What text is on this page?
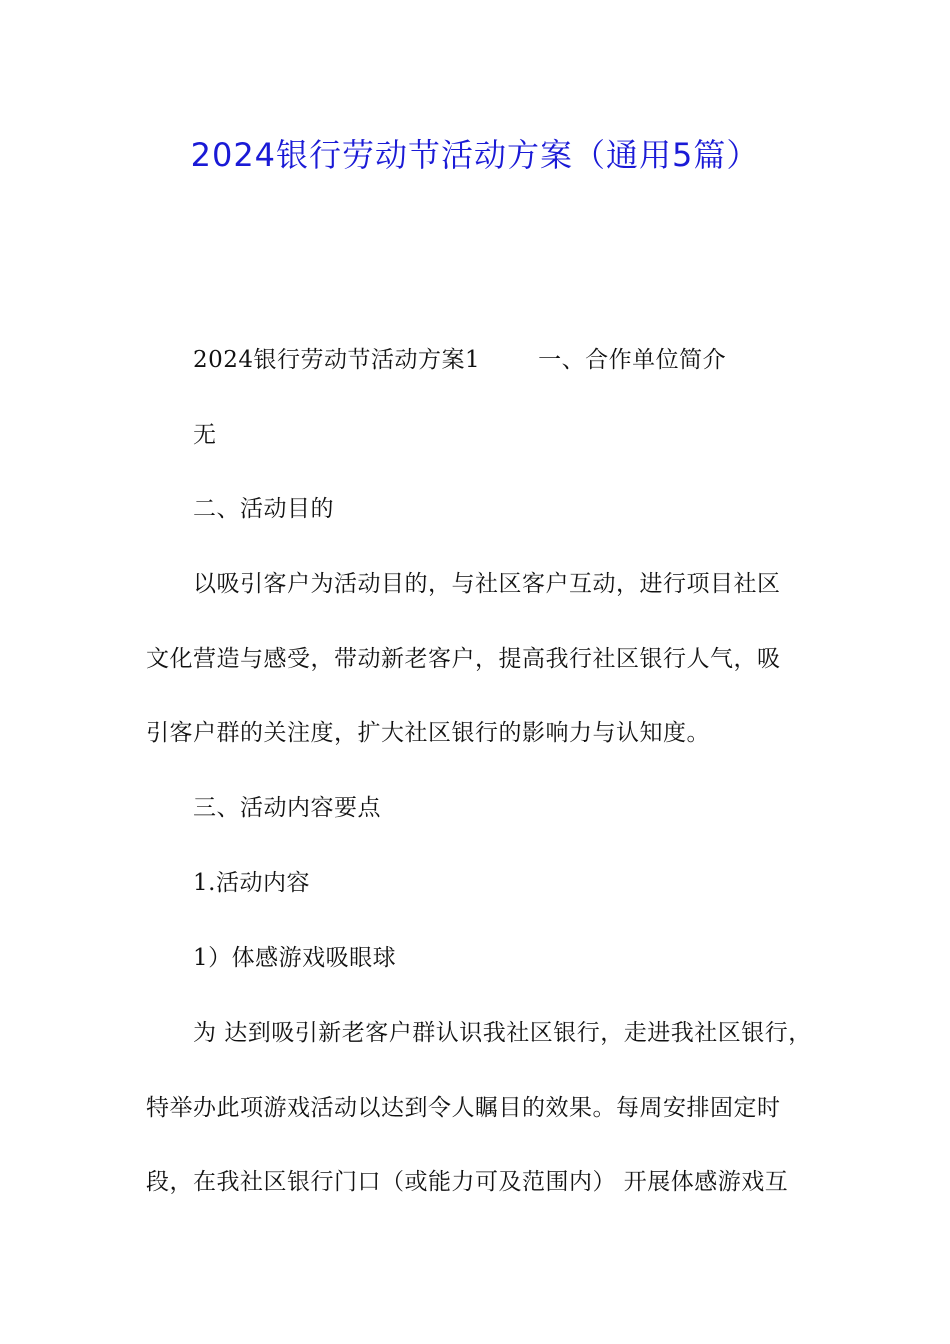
2024银行劳动节活动方案（通用5篇）
2024银行劳动节活动方案1	一、合作单位简介
无
二、活动目的
以吸引客户为活动目的，与社区客户互动，进行项目社区
文化营造与感受，带动新老客户，提高我行社区银行人气，吸
引客户群的关注度，扩大社区银行的影响力与认知度。
三、活动内容要点
1.活动内容
1）体感游戏吸眼球
为 达到吸引新老客户群认识我社区银行，走进我社区银行，
特举办此项游戏活动以达到令人瞩目的效果。每周安排固定时
段，在我社区银行门口（或能力可及范围内） 开展体感游戏互
